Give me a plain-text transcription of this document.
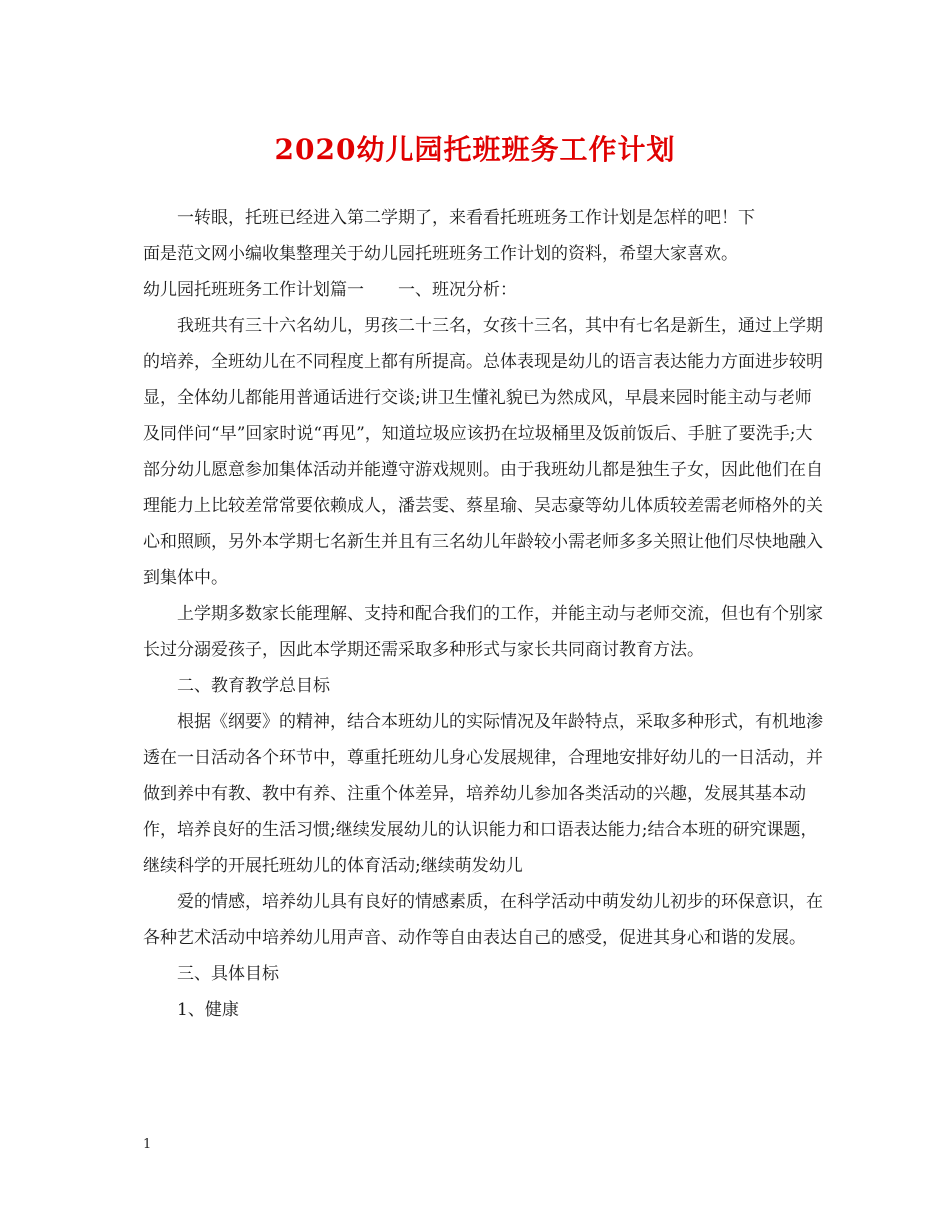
2020幼儿园托班班务工作计划

一转眼，托班已经进入第二学期了，来看看托班班务工作计划是怎样的吧！下

面是范文网小编收集整理关于幼儿园托班班务工作计划的资料，希望大家喜欢。

幼儿园托班班务工作计划篇一　　一、班况分析：

我班共有三十六名幼儿，男孩二十三名，女孩十三名，其中有七名是新生，通过上学期的培养，全班幼儿在不同程度上都有所提高。总体表现是幼儿的语言表达能力方面进步较明显，全体幼儿都能用普通话进行交谈;讲卫生懂礼貌已为然成风，早晨来园时能主动与老师及同伴问“早”回家时说“再见”，知道垃圾应该扔在垃圾桶里及饭前饭后、手脏了要洗手;大部分幼儿愿意参加集体活动并能遵守游戏规则。由于我班幼儿都是独生子女，因此他们在自理能力上比较差常常要依赖成人，潘芸雯、蔡星瑜、吴志豪等幼儿体质较差需老师格外的关心和照顾，另外本学期七名新生并且有三名幼儿年龄较小需老师多多关照让他们尽快地融入到集体中。

上学期多数家长能理解、支持和配合我们的工作，并能主动与老师交流，但也有个别家长过分溺爱孩子，因此本学期还需采取多种形式与家长共同商讨教育方法。

二、教育教学总目标

根据《纲要》的精神，结合本班幼儿的实际情况及年龄特点，采取多种形式，有机地渗透在一日活动各个环节中，尊重托班幼儿身心发展规律，合理地安排好幼儿的一日活动，并做到养中有教、教中有养、注重个体差异，培养幼儿参加各类活动的兴趣，发展其基本动作，培养良好的生活习惯;继续发展幼儿的认识能力和口语表达能力;结合本班的研究课题，继续科学的开展托班幼儿的体育活动;继续萌发幼儿

爱的情感，培养幼儿具有良好的情感素质，在科学活动中萌发幼儿初步的环保意识，在各种艺术活动中培养幼儿用声音、动作等自由表达自己的感受，促进其身心和谐的发展。

三、具体目标

1、健康

1
